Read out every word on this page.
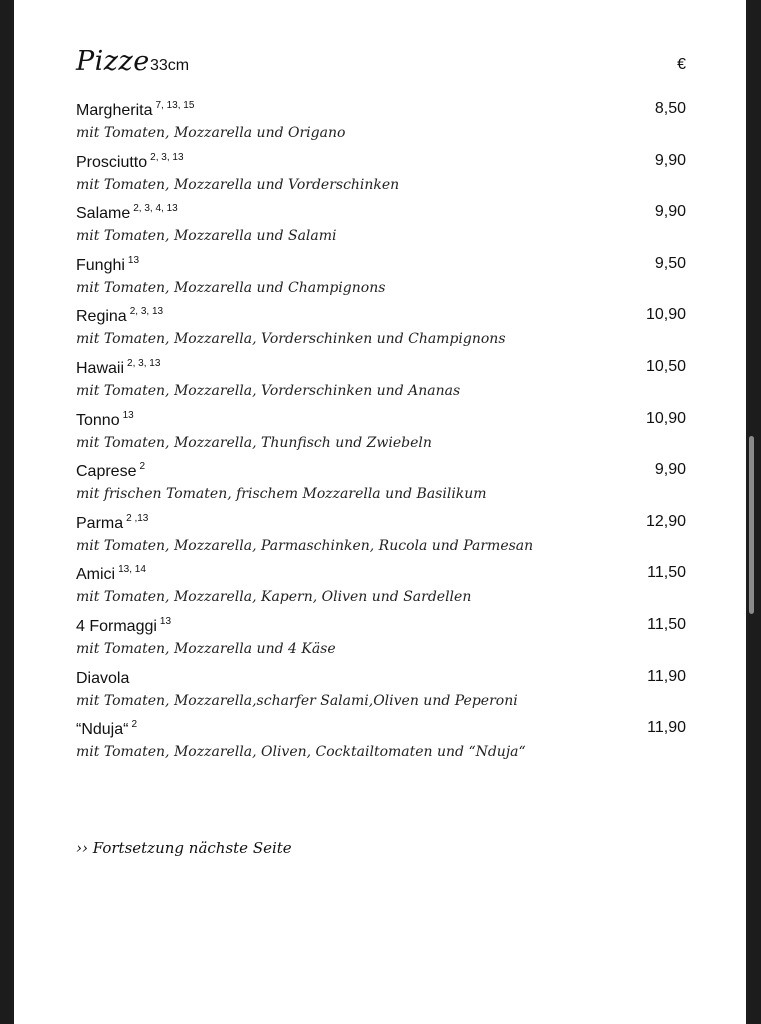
Pizze 33cm	€
Margherita $^{7, 13, 15}$	8,50
mit Tomaten, Mozzarella und Origano
Prosciutto $^{2, 3, 13}$	9,90
mit Tomaten, Mozzarella und Vorderschinken
Salame $^{2, 3, 4, 13}$	9,90
mit Tomaten, Mozzarella und Salami
Funghi $^{13}$	9,50
mit Tomaten, Mozzarella und Champignons
Regina $^{2, 3, 13}$	10,90
mit Tomaten, Mozzarella, Vorderschinken und Champignons
Hawaii $^{2, 3, 13}$	10,50
mit Tomaten, Mozzarella, Vorderschinken und Ananas
Tonno $^{13}$	10,90
mit Tomaten, Mozzarella, Thunfisch und Zwiebeln
Caprese $^2$	9,90
mit frischen Tomaten, frischem Mozzarella und Basilikum
Parma $^{2 ,13}$	12,90
mit Tomaten, Mozzarella, Parmaschinken, Rucola und Parmesan
Amici $^{13, 14}$	11,50
mit Tomaten, Mozzarella, Kapern, Oliven und Sardellen
4 Formaggi $^{13}$	11,50
mit Tomaten, Mozzarella und 4 Käse
Diavola	11,90
mit Tomaten, Mozzarella,scharfer Salami,Oliven und Peperoni
“Nduja“ $^2$	11,90
mit Tomaten, Mozzarella, Oliven, Cocktailtomaten und “Nduja“
›› Fortsetzung nächste Seite
